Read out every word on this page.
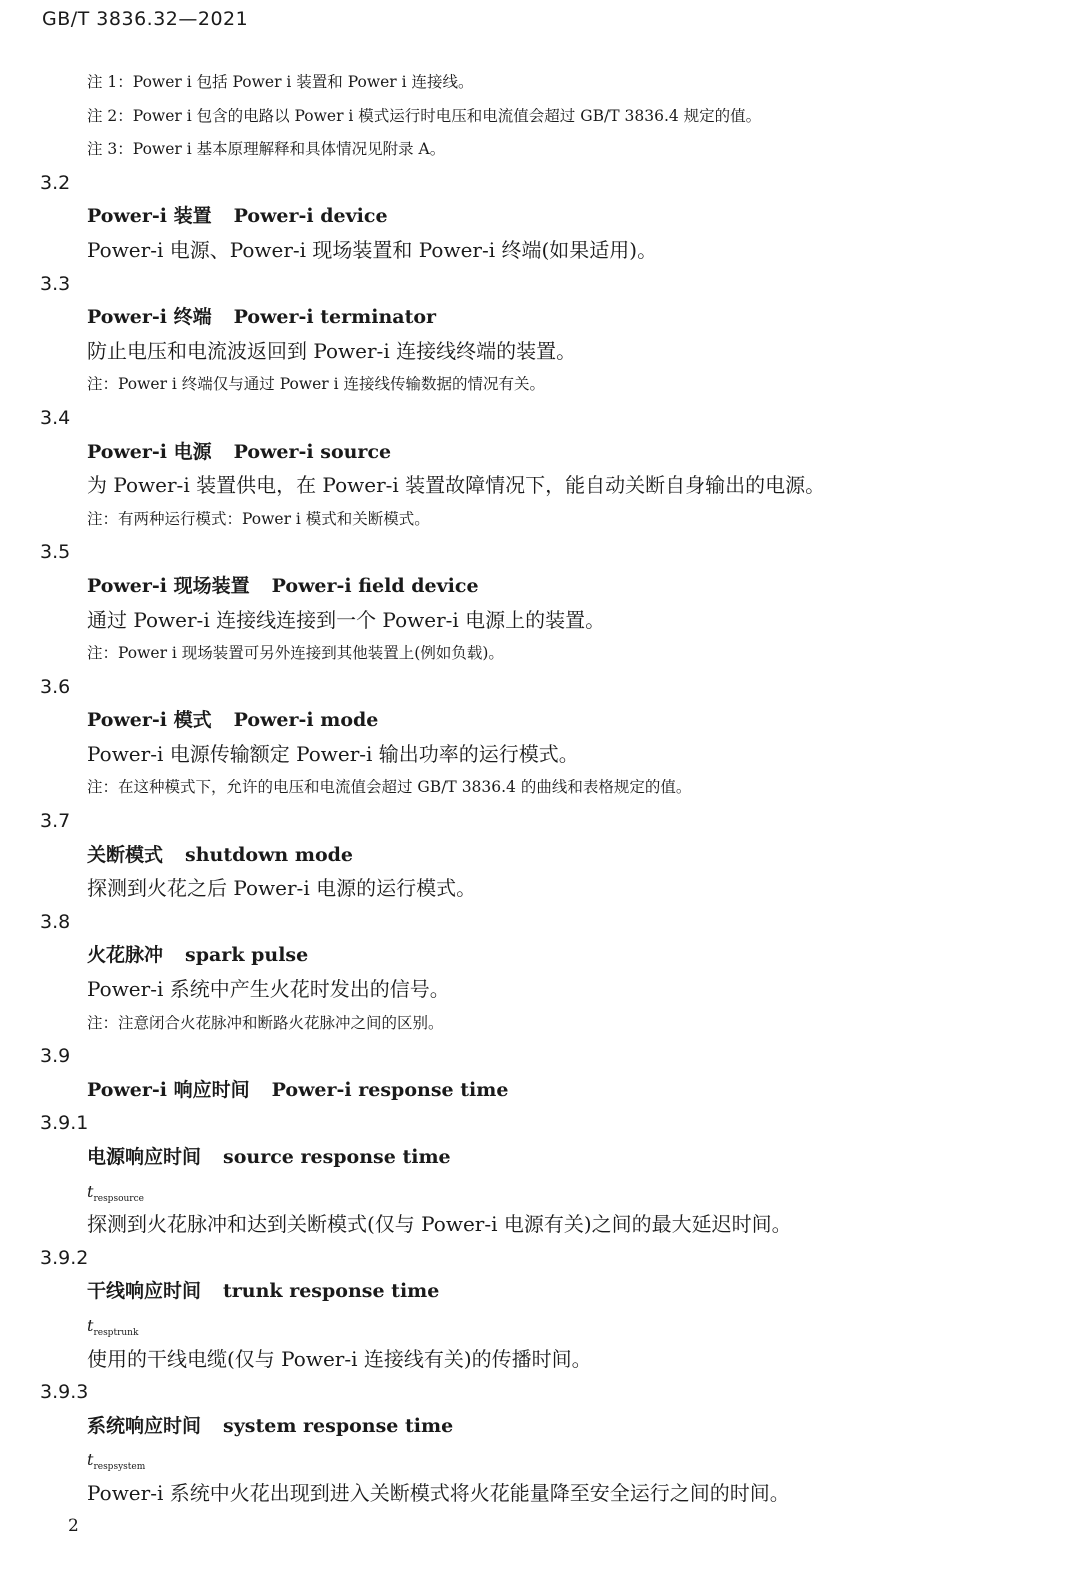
GB/T 3836.32—2021
注 1：Power i 包括 Power i 装置和 Power i 连接线。
注 2：Power i 包含的电路以 Power i 模式运行时电压和电流值会超过 GB/T 3836.4 规定的值。
注 3：Power i 基本原理解释和具体情况见附录 A。
3.2
Power-i 装置 Power-i device
Power-i 电源、Power-i 现场装置和 Power-i 终端(如果适用)。
3.3
Power-i 终端 Power-i terminator
防止电压和电流波返回到 Power-i 连接线终端的装置。
注：Power i 终端仅与通过 Power i 连接线传输数据的情况有关。
3.4
Power-i 电源 Power-i source
为 Power-i 装置供电，在 Power-i 装置故障情况下，能自动关断自身输出的电源。
注：有两种运行模式：Power i 模式和关断模式。
3.5
Power-i 现场装置 Power-i field device
通过 Power-i 连接线连接到一个 Power-i 电源上的装置。
注：Power i 现场装置可另外连接到其他装置上(例如负载)。
3.6
Power-i 模式 Power-i mode
Power-i 电源传输额定 Power-i 输出功率的运行模式。
注：在这种模式下，允许的电压和电流值会超过 GB/T 3836.4 的曲线和表格规定的值。
3.7
关断模式 shutdown mode
探测到火花之后 Power-i 电源的运行模式。
3.8
火花脉冲 spark pulse
Power-i 系统中产生火花时发出的信号。
注：注意闭合火花脉冲和断路火花脉冲之间的区别。
3.9
Power-i 响应时间 Power-i response time
3.9.1
电源响应时间 source response time
$t_{respsource}$
探测到火花脉冲和达到关断模式(仅与 Power-i 电源有关)之间的最大延迟时间。
3.9.2
干线响应时间 trunk response time
$t_{resptrunk}$
使用的干线电缆(仅与 Power-i 连接线有关)的传播时间。
3.9.3
系统响应时间 system response time
$t_{respsystem}$
Power-i 系统中火花出现到进入关断模式将火花能量降至安全运行之间的时间。
2
